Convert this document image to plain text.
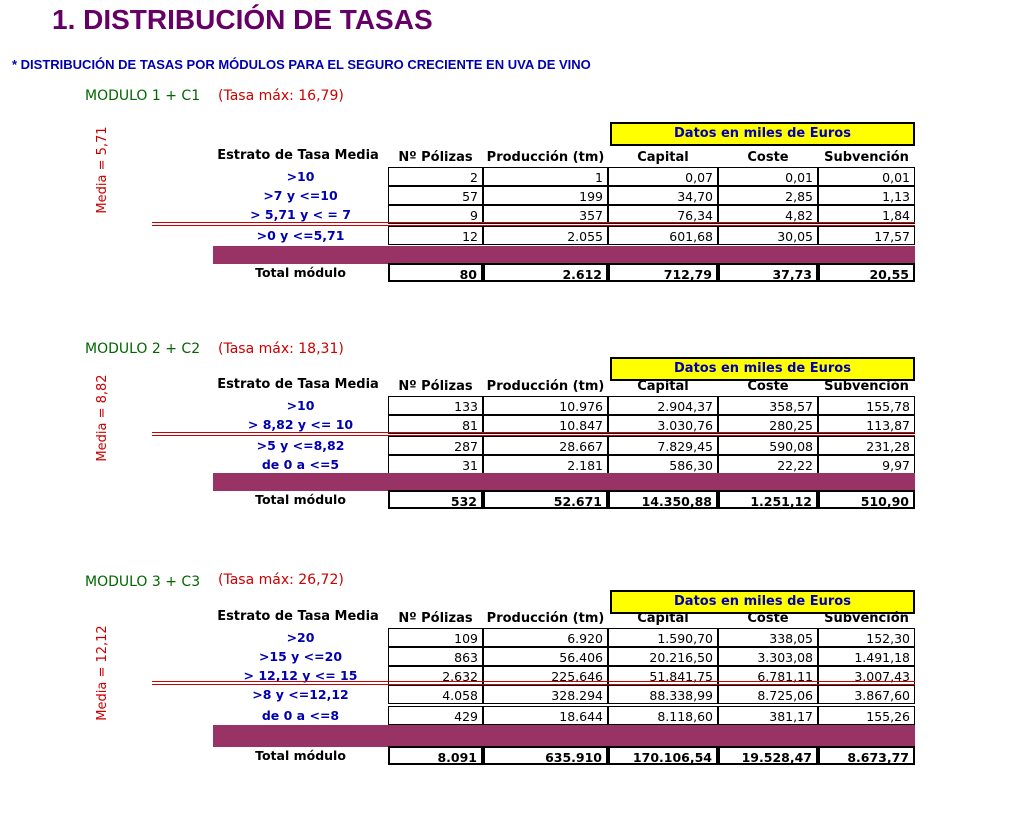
1. DISTRIBUCIÓN DE TASAS
* DISTRIBUCIÓN DE TASAS POR MÓDULOS PARA EL SEGURO CRECIENTE EN UVA DE VINO
MODULO 1 + C1 (Tasa máx: 16,79)
Media = 5,71	Datos en miles de Euros
Estrato de Tasa Media	Nº Pólizas	Producción (tm)	Capital	Coste	Subvención
>10	2	1	0,07	0,01	0,01
>7 y <=10	57	199	34,70	2,85	1,13
> 5,71 y < = 7	9	357	76,34	4,82	1,84
>0 y <=5,71	12	2.055	601,68	30,05	17,57
Total módulo	80	2.612	712,79	37,73	20,55
MODULO 2 + C2 (Tasa máx: 18,31)
Media = 8,82
Datos en miles de Euros
Estrato de Tasa Media	Nº Pólizas	Producción (tm)	Capital	Coste	Subvención
>10	133	10.976	2.904,37	358,57	155,78
> 8,82 y <= 10	81	10.847	3.030,76	280,25	113,87
>5 y <=8,82	287	28.667	7.829,45	590,08	231,28
de 0 a <=5	31	2.181	586,30	22,22	9,97
Total módulo	532	52.671	14.350,88	1.251,12	510,90
MODULO 3 + C3 (Tasa máx: 26,72)
Media = 12,12
Datos en miles de Euros
Estrato de Tasa Media	Nº Pólizas	Producción (tm)	Capital	Coste	Subvención
>20	109	6.920	1.590,70	338,05	152,30
>15 y <=20	863	56.406	20.216,50	3.303,08	1.491,18
> 12,12 y <= 15	2.632	225.646	51.841,75	6.781,11	3.007,43
>8 y <=12,12	4.058	328.294	88.338,99	8.725,06	3.867,60
de 0 a <=8	429	18.644	8.118,60	381,17	155,26
Total módulo	8.091	635.910	170.106,54	19.528,47	8.673,77
